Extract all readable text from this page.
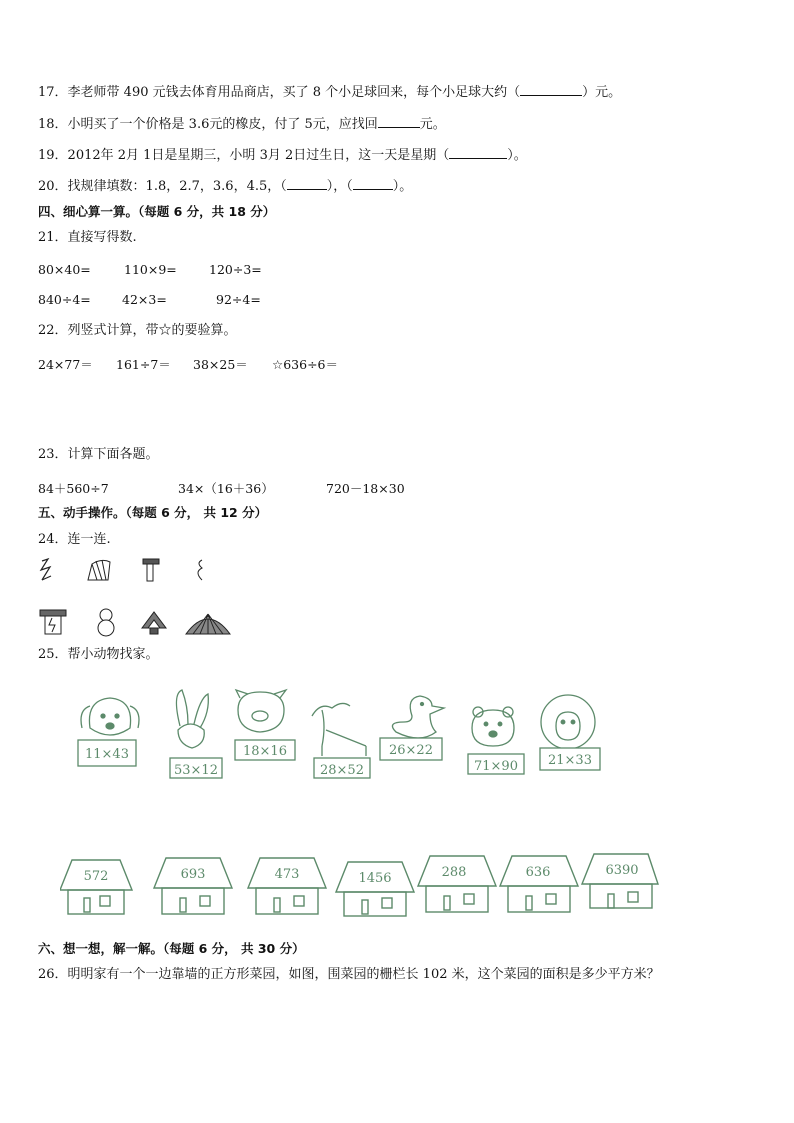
17．李老师带 490 元钱去体育用品商店，买了 8 个小足球回来，每个小足球大约（	）元。
18．小明买了一个价格是 3.6元的橡皮，付了 5元，应找回	元。
19．2012年 2月 1日是星期三，小明 3月 2日过生日，这一天是星期（	）。
20．找规律填数：1.8，2.7，3.6，4.5，（	），（	）。
四、细心算一算。（每题 6 分，共 18 分）
21．直接写得数.
80×40=	110×9=	120÷3=
840÷4= 42×3=	92÷4=
22．列竖式计算，带☆的要验算。
24×77＝ 161÷7＝ 38×25＝ ☆636÷6＝
23．计算下面各题。
84＋560÷7	34×（16＋36）	720－18×30
五、动手操作。（每题 6 分， 共 12 分）
24．连一连.
25．帮小动物找家。
11×43
53×12
18×16
28×52
26×22
71×90 21×33
572	693	473	1456	288	636	6390
六、想一想，解一解。（每题 6 分， 共 30 分）
26．明明家有一个一边靠墙的正方形菜园，如图，围菜园的栅栏长 102 米，这个菜园的面积是多少平方米？
